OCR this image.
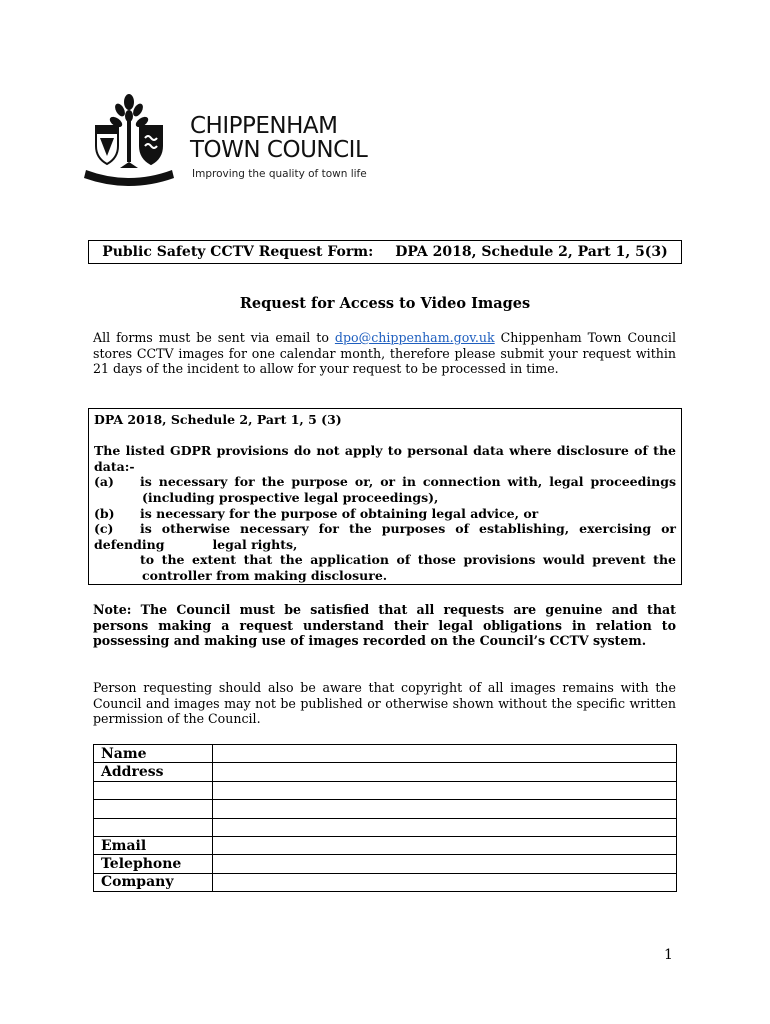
CHIPPENHAM
TOWN COUNCIL
Improving the quality of town life
Public Safety CCTV Request Form: DPA 2018, Schedule 2, Part 1, 5(3)
Request for Access to Video Images
All forms must be sent via email to dpo@chippenham.gov.uk Chippenham Town Council stores CCTV images for one calendar month, therefore please submit your request within 21 days of the incident to allow for your request to be processed in time.

DPA 2018, Schedule 2, Part 1, 5 (3)

The listed GDPR provisions do not apply to personal data where disclosure of the data:-

(a) is necessary for the purpose or, or in connection with, legal proceedings(including prospective legal proceedings),

(b) is necessary for the purpose of obtaining legal advice, or

(c) is otherwise necessary for the purposes of establishing, exercising or defending	legal rights,

to the extent that the application of those provisions would prevent thecontroller from making disclosure.

Note: The Council must be satisfied that all requests are genuine and that persons making a request understand their legal obligations in relation to possessing and making use of images recorded on the Council’s CCTV system.
Person requesting should also be aware that copyright of all images remains with the Council and images may not be published or otherwise shown without the specific written permission of the Council.
Name	
Address	

Email	
Telephone	
Company	
1
